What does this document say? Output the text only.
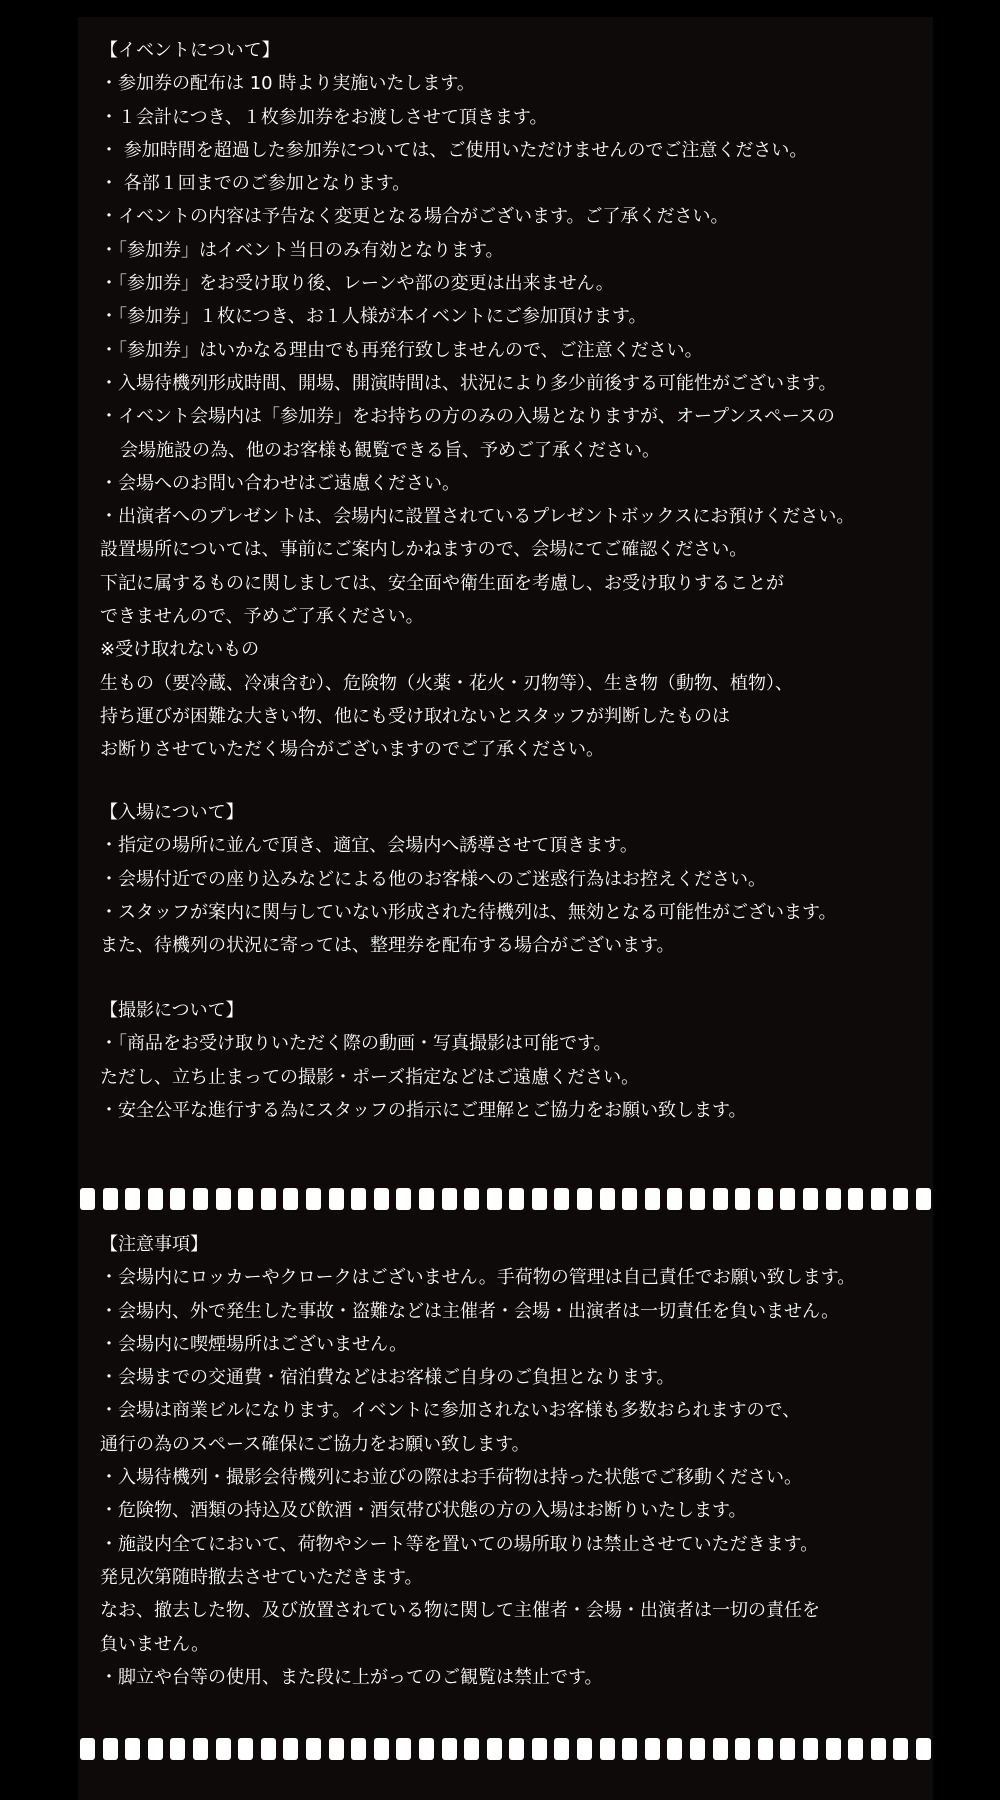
【イベントについて】
・参加券の配布は 10 時より実施いたします。
・１会計につき、１枚参加券をお渡しさせて頂きます。
・ 参加時間を超過した参加券については、ご使用いただけませんのでご注意ください。
・ 各部１回までのご参加となります。
・イベントの内容は予告なく変更となる場合がございます。ご了承ください。
・「参加券」はイベント当日のみ有効となります。
・「参加券」をお受け取り後、レーンや部の変更は出来ません。
・「参加券」１枚につき、お１人様が本イベントにご参加頂けます。
・「参加券」はいかなる理由でも再発行致しませんので、ご注意ください。
・入場待機列形成時間、開場、開演時間は、状況により多少前後する可能性がございます。
・イベント会場内は「参加券」をお持ちの方のみの入場となりますが、オープンスペースの
会場施設の為、他のお客様も観覧できる旨、予めご了承ください。
・会場へのお問い合わせはご遠慮ください。
・出演者へのプレゼントは、会場内に設置されているプレゼントボックスにお預けください。
設置場所については、事前にご案内しかねますので、会場にてご確認ください。
下記に属するものに関しましては、安全面や衛生面を考慮し、お受け取りすることが
できませんので、予めご了承ください。
※受け取れないもの
生もの（要冷蔵、冷凍含む）、危険物（火薬・花火・刃物等）、生き物（動物、植物）、
持ち運びが困難な大きい物、他にも受け取れないとスタッフが判断したものは
お断りさせていただく場合がございますのでご了承ください。
【入場について】
・指定の場所に並んで頂き、適宜、会場内へ誘導させて頂きます。
・会場付近での座り込みなどによる他のお客様へのご迷惑行為はお控えください。
・スタッフが案内に関与していない形成された待機列は、無効となる可能性がございます。
また、待機列の状況に寄っては、整理券を配布する場合がございます。
【撮影について】
・「商品をお受け取りいただく際の動画・写真撮影は可能です。
ただし、立ち止まっての撮影・ポーズ指定などはご遠慮ください。
・安全公平な進行する為にスタッフの指示にご理解とご協力をお願い致します。
【注意事項】
・会場内にロッカーやクロークはございません。手荷物の管理は自己責任でお願い致します。
・会場内、外で発生した事故・盗難などは主催者・会場・出演者は一切責任を負いません。
・会場内に喫煙場所はございません。
・会場までの交通費・宿泊費などはお客様ご自身のご負担となります。
・会場は商業ビルになります。イベントに参加されないお客様も多数おられますので、
通行の為のスペース確保にご協力をお願い致します。
・入場待機列・撮影会待機列にお並びの際はお手荷物は持った状態でご移動ください。
・危険物、酒類の持込及び飲酒・酒気帯び状態の方の入場はお断りいたします。
・施設内全てにおいて、荷物やシート等を置いての場所取りは禁止させていただきます。
発見次第随時撤去させていただきます。
なお、撤去した物、及び放置されている物に関して主催者・会場・出演者は一切の責任を
負いません。
・脚立や台等の使用、また段に上がってのご観覧は禁止です。
